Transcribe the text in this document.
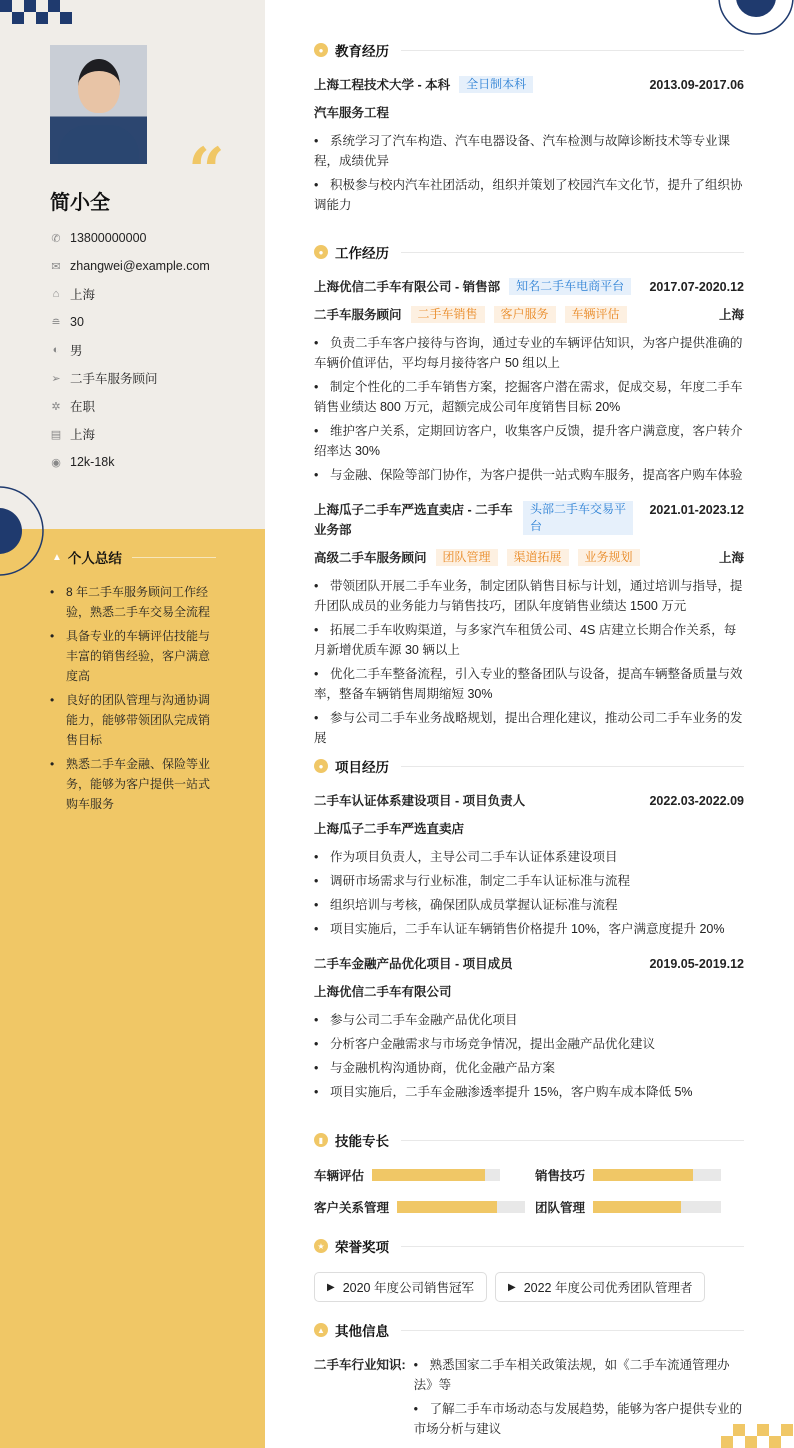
“
简小全
✆ 13800000000
✉ zhangwei@example.com
⌂ 上海
≘ 30
◐ 男
➢ 二手车服务顾问
✲ 在职
▤ 上海
◉ 12k-18k
▲ 个人总结
• 8 年二手车服务顾问工作经验，熟悉二手车交易全流程
• 具备专业的车辆评估技能与丰富的销售经验，客户满意度高
• 良好的团队管理与沟通协调能力，能够带领团队完成销售目标
• 熟悉二手车金融、保险等业务，能够为客户提供一站式购车服务
● 教育经历
上海工程技术大学 - 本科	全日制本科	2013.09-2017.06
汽车服务工程
• 系统学习了汽车构造、汽车电器设备、汽车检测与故障诊断技术等专业课程，成绩优异
• 积极参与校内汽车社团活动，组织并策划了校园汽车文化节，提升了组织协调能力
● 工作经历
上海优信二手车有限公司 - 销售部	知名二手车电商平台	2017.07-2020.12
二手车服务顾问	二手车销售	客户服务	车辆评估	上海
• 负责二手车客户接待与咨询，通过专业的车辆评估知识，为客户提供准确的车辆价值评估，平均每月接待客户 50 组以上
• 制定个性化的二手车销售方案，挖掘客户潜在需求，促成交易，年度二手车销售业绩达 800 万元，超额完成公司年度销售目标 20%
• 维护客户关系，定期回访客户，收集客户反馈，提升客户满意度，客户转介绍率达 30%
• 与金融、保险等部门协作，为客户提供一站式购车服务，提高客户购车体验
上海瓜子二手车严选直卖店 - 二手车业务部
头部二手车交易平台
2021.01-2023.12
高级二手车服务顾问	团队管理	渠道拓展	业务规划	上海
• 带领团队开展二手车业务，制定团队销售目标与计划，通过培训与指导，提升团队成员的业务能力与销售技巧，团队年度销售业绩达 1500 万元
• 拓展二手车收购渠道，与多家汽车租赁公司、4S 店建立长期合作关系，每月新增优质车源 30 辆以上
• 优化二手车整备流程，引入专业的整备团队与设备，提高车辆整备质量与效率，整备车辆销售周期缩短 30%
• 参与公司二手车业务战略规划，提出合理化建议，推动公司二手车业务的发展
● 项目经历
二手车认证体系建设项目 - 项目负责人	2022.03-2022.09
上海瓜子二手车严选直卖店
• 作为项目负责人，主导公司二手车认证体系建设项目
• 调研市场需求与行业标准，制定二手车认证标准与流程
• 组织培训与考核，确保团队成员掌握认证标准与流程
• 项目实施后，二手车认证车辆销售价格提升 10%，客户满意度提升 20%
二手车金融产品优化项目 - 项目成员	2019.05-2019.12
上海优信二手车有限公司
• 参与公司二手车金融产品优化项目
• 分析客户金融需求与市场竞争情况，提出金融产品优化建议
• 与金融机构沟通协商，优化金融产品方案
• 项目实施后，二手车金融渗透率提升 15%，客户购车成本降低 5%
▮ 技能专长
车辆评估	销售技巧
客户关系管理	团队管理
★ 荣誉奖项
▶ 2020 年度公司销售冠军	▶ 2022 年度公司优秀团队管理者
▲ 其他信息
二手车行业知识:	• 熟悉国家二手车相关政策法规，如《二手车流通管理办法》等
• 了解二手车市场动态与发展趋势，能够为客户提供专业的市场分析与建议
